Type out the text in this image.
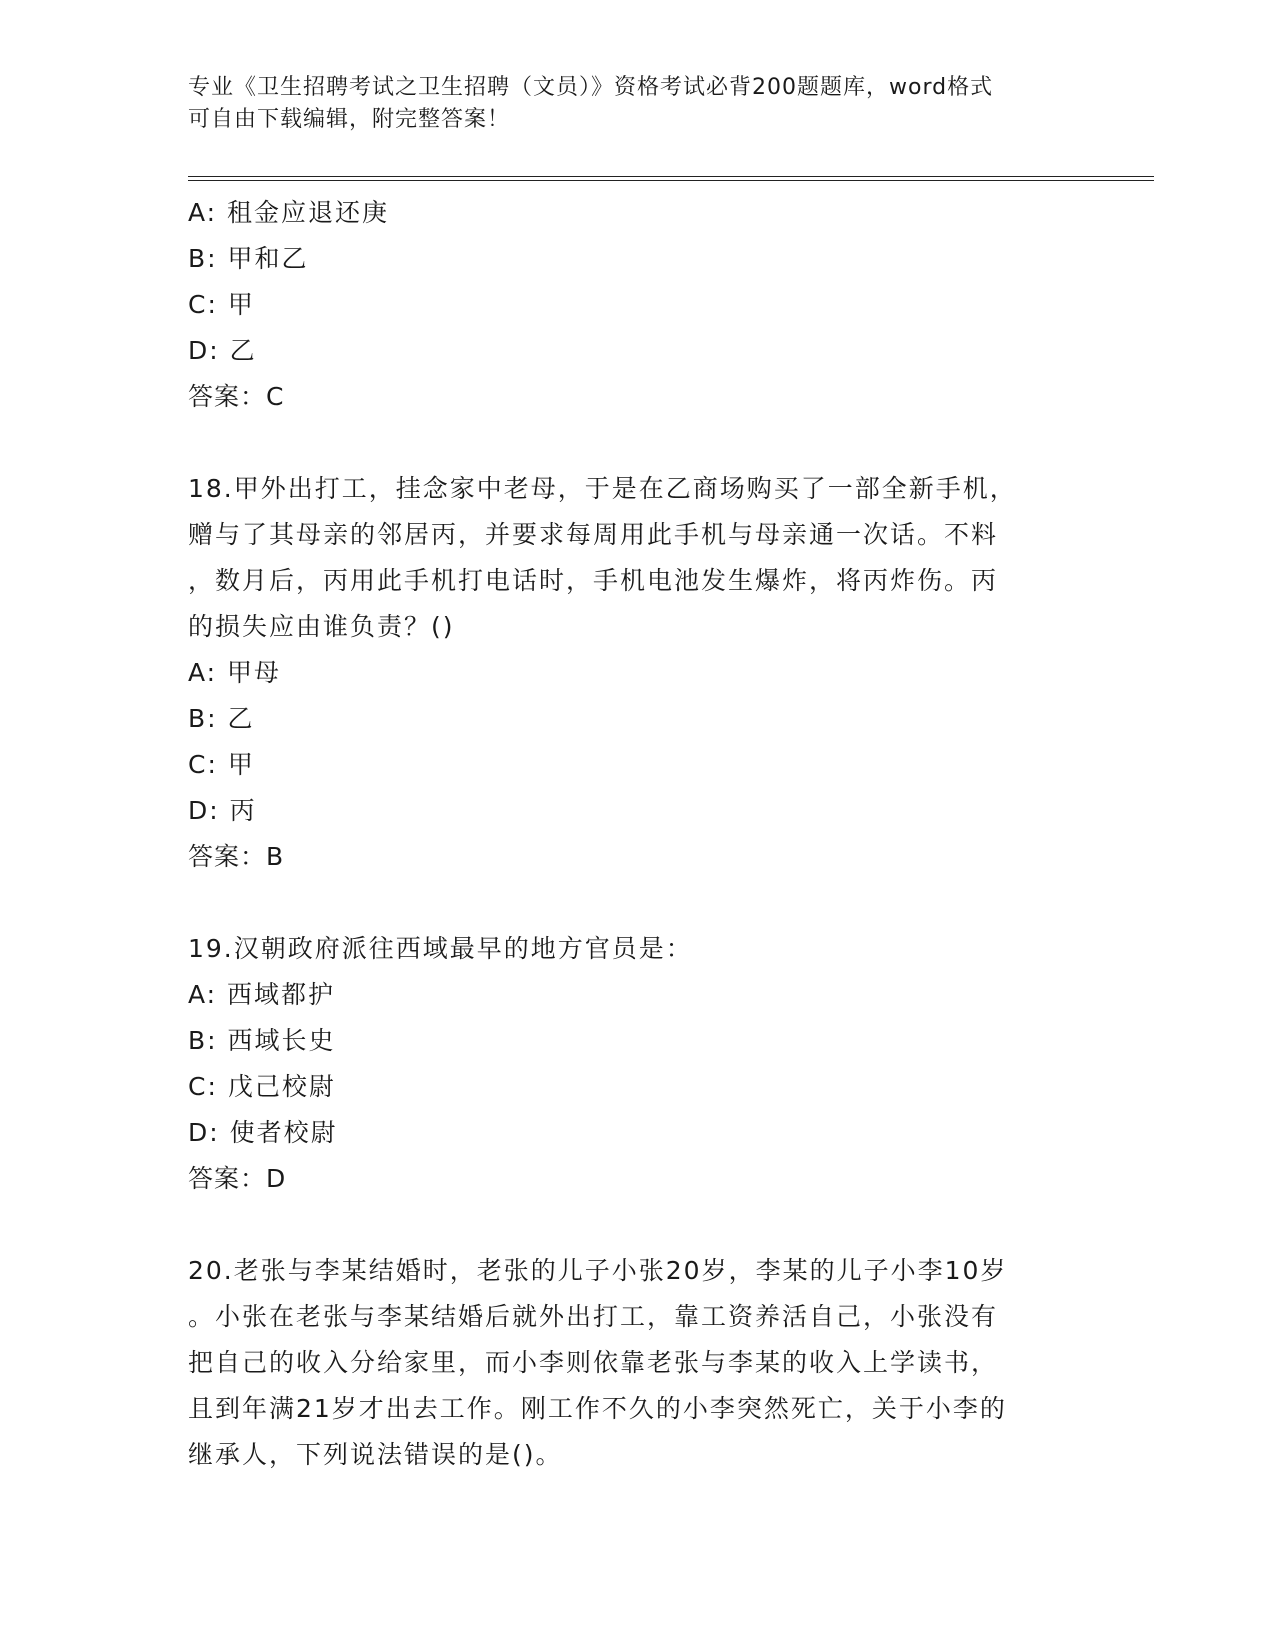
专业《卫生招聘考试之卫生招聘（文员）》资格考试必背200题题库，word格式
可自由下载编辑，附完整答案！
A: 租金应退还庚
B: 甲和乙
C: 甲
D: 乙
答案：C
18.甲外出打工，挂念家中老母，于是在乙商场购买了一部全新手机，
赠与了其母亲的邻居丙，并要求每周用此手机与母亲通一次话。不料
，数月后，丙用此手机打电话时，手机电池发生爆炸，将丙炸伤。丙
的损失应由谁负责？()
A: 甲母
B: 乙
C: 甲
D: 丙
答案：B
19.汉朝政府派往西域最早的地方官员是：
A: 西域都护
B: 西域长史
C: 戊己校尉
D: 使者校尉
答案：D
20.老张与李某结婚时，老张的儿子小张20岁，李某的儿子小李10岁
。小张在老张与李某结婚后就外出打工，靠工资养活自己，小张没有
把自己的收入分给家里，而小李则依靠老张与李某的收入上学读书，
且到年满21岁才出去工作。刚工作不久的小李突然死亡，关于小李的
继承人，下列说法错误的是()。
